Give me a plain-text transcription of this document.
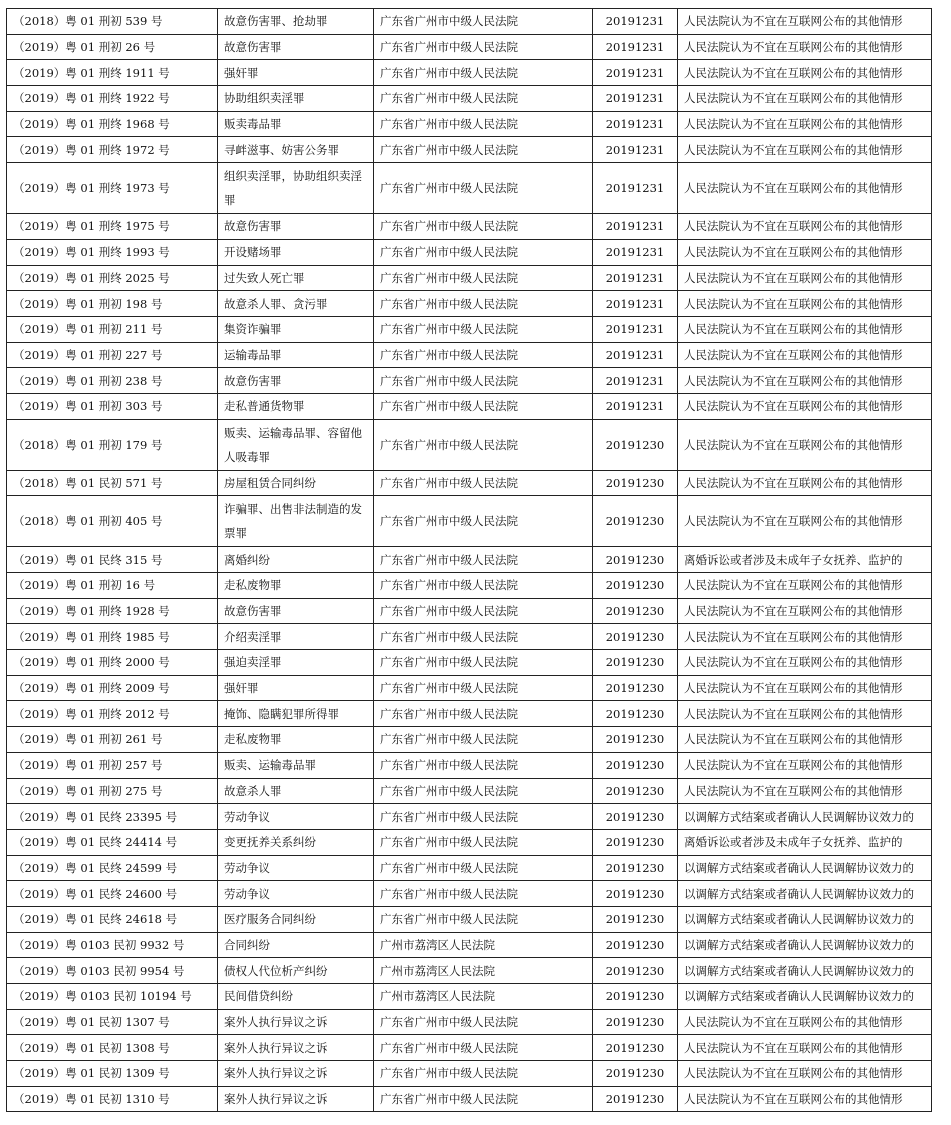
（2018）粤 01 刑初 539 号	故意伤害罪、抢劫罪	广东省广州市中级人民法院	20191231	人民法院认为不宜在互联网公布的其他情形
（2019）粤 01 刑初 26 号	故意伤害罪	广东省广州市中级人民法院	20191231	人民法院认为不宜在互联网公布的其他情形
（2019）粤 01 刑终 1911 号	强奸罪	广东省广州市中级人民法院	20191231	人民法院认为不宜在互联网公布的其他情形
（2019）粤 01 刑终 1922 号	协助组织卖淫罪	广东省广州市中级人民法院	20191231	人民法院认为不宜在互联网公布的其他情形
（2019）粤 01 刑终 1968 号	贩卖毒品罪	广东省广州市中级人民法院	20191231	人民法院认为不宜在互联网公布的其他情形
（2019）粤 01 刑终 1972 号	寻衅滋事、妨害公务罪	广东省广州市中级人民法院	20191231	人民法院认为不宜在互联网公布的其他情形
（2019）粤 01 刑终 1973 号	组织卖淫罪，协助组织卖淫罪	广东省广州市中级人民法院	20191231	人民法院认为不宜在互联网公布的其他情形
（2019）粤 01 刑终 1975 号	故意伤害罪	广东省广州市中级人民法院	20191231	人民法院认为不宜在互联网公布的其他情形
（2019）粤 01 刑终 1993 号	开设赌场罪	广东省广州市中级人民法院	20191231	人民法院认为不宜在互联网公布的其他情形
（2019）粤 01 刑终 2025 号	过失致人死亡罪	广东省广州市中级人民法院	20191231	人民法院认为不宜在互联网公布的其他情形
（2019）粤 01 刑初 198 号	故意杀人罪、贪污罪	广东省广州市中级人民法院	20191231	人民法院认为不宜在互联网公布的其他情形
（2019）粤 01 刑初 211 号	集资诈骗罪	广东省广州市中级人民法院	20191231	人民法院认为不宜在互联网公布的其他情形
（2019）粤 01 刑初 227 号	运输毒品罪	广东省广州市中级人民法院	20191231	人民法院认为不宜在互联网公布的其他情形
（2019）粤 01 刑初 238 号	故意伤害罪	广东省广州市中级人民法院	20191231	人民法院认为不宜在互联网公布的其他情形
（2019）粤 01 刑初 303 号	走私普通货物罪	广东省广州市中级人民法院	20191231	人民法院认为不宜在互联网公布的其他情形
（2018）粤 01 刑初 179 号	贩卖、运输毒品罪、容留他人吸毒罪	广东省广州市中级人民法院	20191230	人民法院认为不宜在互联网公布的其他情形
（2018）粤 01 民初 571 号	房屋租赁合同纠纷	广东省广州市中级人民法院	20191230	人民法院认为不宜在互联网公布的其他情形
（2018）粤 01 刑初 405 号	诈骗罪、出售非法制造的发票罪	广东省广州市中级人民法院	20191230	人民法院认为不宜在互联网公布的其他情形
（2019）粤 01 民终 315 号	离婚纠纷	广东省广州市中级人民法院	20191230	离婚诉讼或者涉及未成年子女抚养、监护的
（2019）粤 01 刑初 16 号	走私废物罪	广东省广州市中级人民法院	20191230	人民法院认为不宜在互联网公布的其他情形
（2019）粤 01 刑终 1928 号	故意伤害罪	广东省广州市中级人民法院	20191230	人民法院认为不宜在互联网公布的其他情形
（2019）粤 01 刑终 1985 号	介绍卖淫罪	广东省广州市中级人民法院	20191230	人民法院认为不宜在互联网公布的其他情形
（2019）粤 01 刑终 2000 号	强迫卖淫罪	广东省广州市中级人民法院	20191230	人民法院认为不宜在互联网公布的其他情形
（2019）粤 01 刑终 2009 号	强奸罪	广东省广州市中级人民法院	20191230	人民法院认为不宜在互联网公布的其他情形
（2019）粤 01 刑终 2012 号	掩饰、隐瞒犯罪所得罪	广东省广州市中级人民法院	20191230	人民法院认为不宜在互联网公布的其他情形
（2019）粤 01 刑初 261 号	走私废物罪	广东省广州市中级人民法院	20191230	人民法院认为不宜在互联网公布的其他情形
（2019）粤 01 刑初 257 号	贩卖、运输毒品罪	广东省广州市中级人民法院	20191230	人民法院认为不宜在互联网公布的其他情形
（2019）粤 01 刑初 275 号	故意杀人罪	广东省广州市中级人民法院	20191230	人民法院认为不宜在互联网公布的其他情形
（2019）粤 01 民终 23395 号	劳动争议	广东省广州市中级人民法院	20191230	以调解方式结案或者确认人民调解协议效力的
（2019）粤 01 民终 24414 号	变更抚养关系纠纷	广东省广州市中级人民法院	20191230	离婚诉讼或者涉及未成年子女抚养、监护的
（2019）粤 01 民终 24599 号	劳动争议	广东省广州市中级人民法院	20191230	以调解方式结案或者确认人民调解协议效力的
（2019）粤 01 民终 24600 号	劳动争议	广东省广州市中级人民法院	20191230	以调解方式结案或者确认人民调解协议效力的
（2019）粤 01 民终 24618 号	医疗服务合同纠纷	广东省广州市中级人民法院	20191230	以调解方式结案或者确认人民调解协议效力的
（2019）粤 0103 民初 9932 号	合同纠纷	广州市荔湾区人民法院	20191230	以调解方式结案或者确认人民调解协议效力的
（2019）粤 0103 民初 9954 号	债权人代位析产纠纷	广州市荔湾区人民法院	20191230	以调解方式结案或者确认人民调解协议效力的
（2019）粤 0103 民初 10194 号	民间借贷纠纷	广州市荔湾区人民法院	20191230	以调解方式结案或者确认人民调解协议效力的
（2019）粤 01 民初 1307 号	案外人执行异议之诉	广东省广州市中级人民法院	20191230	人民法院认为不宜在互联网公布的其他情形
（2019）粤 01 民初 1308 号	案外人执行异议之诉	广东省广州市中级人民法院	20191230	人民法院认为不宜在互联网公布的其他情形
（2019）粤 01 民初 1309 号	案外人执行异议之诉	广东省广州市中级人民法院	20191230	人民法院认为不宜在互联网公布的其他情形
（2019）粤 01 民初 1310 号	案外人执行异议之诉	广东省广州市中级人民法院	20191230	人民法院认为不宜在互联网公布的其他情形
